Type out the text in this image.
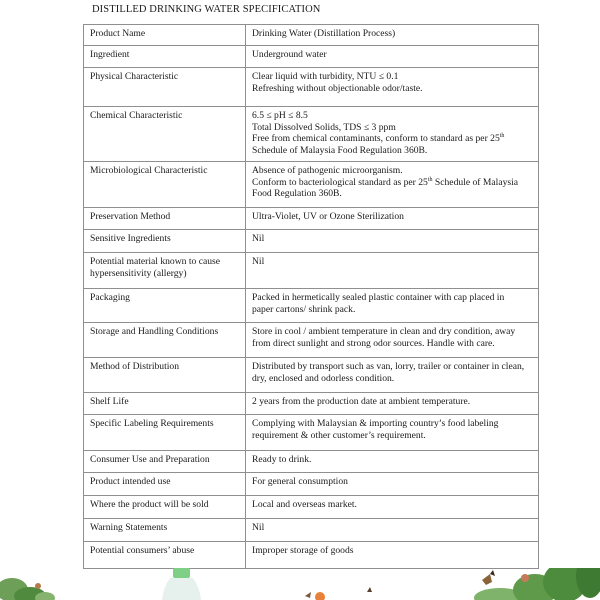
DISTILLED DRINKING WATER SPECIFICATION
Product Name	Drinking Water (Distillation Process)

Ingredient	Underground water

Physical Characteristic	Clear liquid with turbidity, NTU ≤ 0.1
Refreshing without objectionable odor/taste.

Chemical Characteristic	6.5 ≤ pH ≤ 8.5
Total Dissolved Solids, TDS ≤ 3 ppm
Free from chemical contaminants, conform to standard as per 25th
Schedule of Malaysia Food Regulation 360B.

Microbiological Characteristic	Absence of pathogenic microorganism.
Conform to bacteriological standard as per 25th Schedule of Malaysia
Food Regulation 360B.

Preservation Method	Ultra-Violet, UV or Ozone Sterilization

Sensitive Ingredients	Nil

Potential material known to cause
hypersensitivity (allergy)	Nil

Packaging	Packed in hermetically sealed plastic container with cap placed in
paper cartons/ shrink pack.

Storage and Handling Conditions	Store in cool / ambient temperature in clean and dry condition, away
from direct sunlight and strong odor sources. Handle with care.

Method of Distribution	Distributed by transport such as van, lorry, trailer or container in clean,
dry, enclosed and odorless condition.

Shelf Life	2 years from the production date at ambient temperature.

Specific Labeling Requirements	Complying with Malaysian & importing country’s food labeling
requirement & other customer’s requirement.

Consumer Use and Preparation	Ready to drink.

Product intended use	For general consumption

Where the product will be sold	Local and overseas market.

Warning Statements	Nil

Potential consumers’ abuse	Improper storage of goods
